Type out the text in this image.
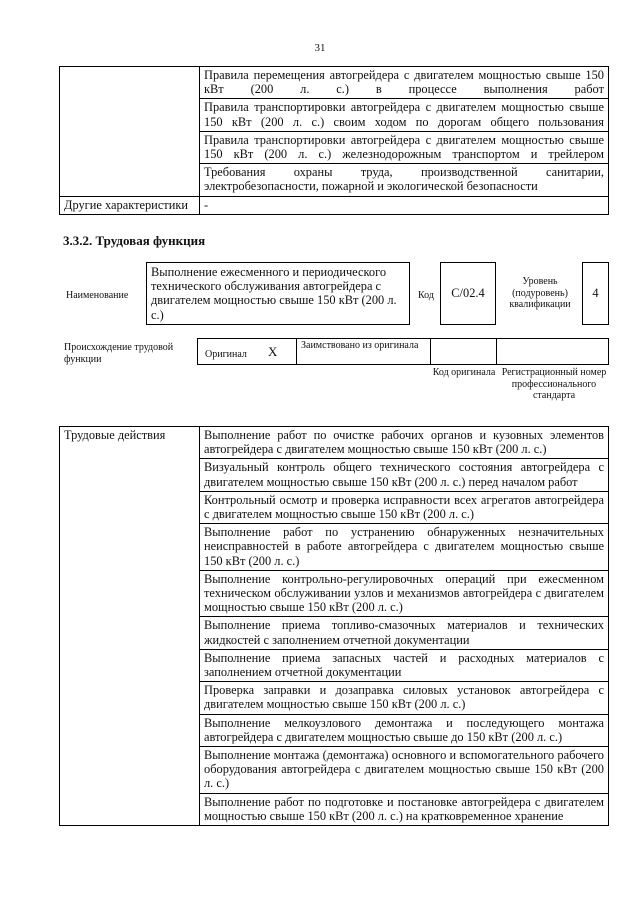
31
	Правила перемещения автогрейдера с двигателем мощностью свыше 150 кВт (200 л. с.) в процессе выполнения работ
	Правила транспортировки автогрейдера с двигателем мощностью свыше 150 кВт (200 л. с.) своим ходом по дорогам общего пользования
	Правила транспортировки автогрейдера с двигателем мощностью свыше 150 кВт (200 л. с.) железнодорожным транспортом и трейлером
	Требования охраны труда, производственной санитарии, электробезопасности, пожарной и экологической безопасности
Другие характеристики	-
3.3.2. Трудовая функция
Наименование
Выполнение ежесменного и периодического технического обслуживания автогрейдера с двигателем мощностью свыше 150 кВт (200 л. с.)
Код	C/02.4
Уровень (подуровень) квалификации
4
Происхождение трудовой функции	Оригинал X Заимствовано из оригинала
Код оригинала Регистрационный номер профессионального стандарта
Трудовые действия	Выполнение работ по очистке рабочих органов и кузовных элементов автогрейдера с двигателем мощностью свыше 150 кВт (200 л. с.)
Визуальный контроль общего технического состояния автогрейдера с двигателем мощностью свыше 150 кВт (200 л. с.) перед началом работ
Контрольный осмотр и проверка исправности всех агрегатов автогрейдера с двигателем мощностью свыше 150 кВт (200 л. с.)
Выполнение работ по устранению обнаруженных незначительных неисправностей в работе автогрейдера с двигателем мощностью свыше 150 кВт (200 л. с.)
Выполнение контрольно-регулировочных операций при ежесменном техническом обслуживании узлов и механизмов автогрейдера с двигателем мощностью свыше 150 кВт (200 л. с.)
Выполнение приема топливо-смазочных материалов и технических жидкостей с заполнением отчетной документации
Выполнение приема запасных частей и расходных материалов с заполнением отчетной документации
Проверка заправки и дозаправка силовых установок автогрейдера с двигателем мощностью свыше 150 кВт (200 л. с.)
Выполнение мелкоузлового демонтажа и последующего монтажа автогрейдера с двигателем мощностью свыше до 150 кВт (200 л. с.)
Выполнение монтажа (демонтажа) основного и вспомогательного рабочего оборудования автогрейдера с двигателем мощностью свыше 150 кВт (200 л. с.)
Выполнение работ по подготовке и постановке автогрейдера с двигателем мощностью свыше 150 кВт (200 л. с.) на кратковременное хранение
